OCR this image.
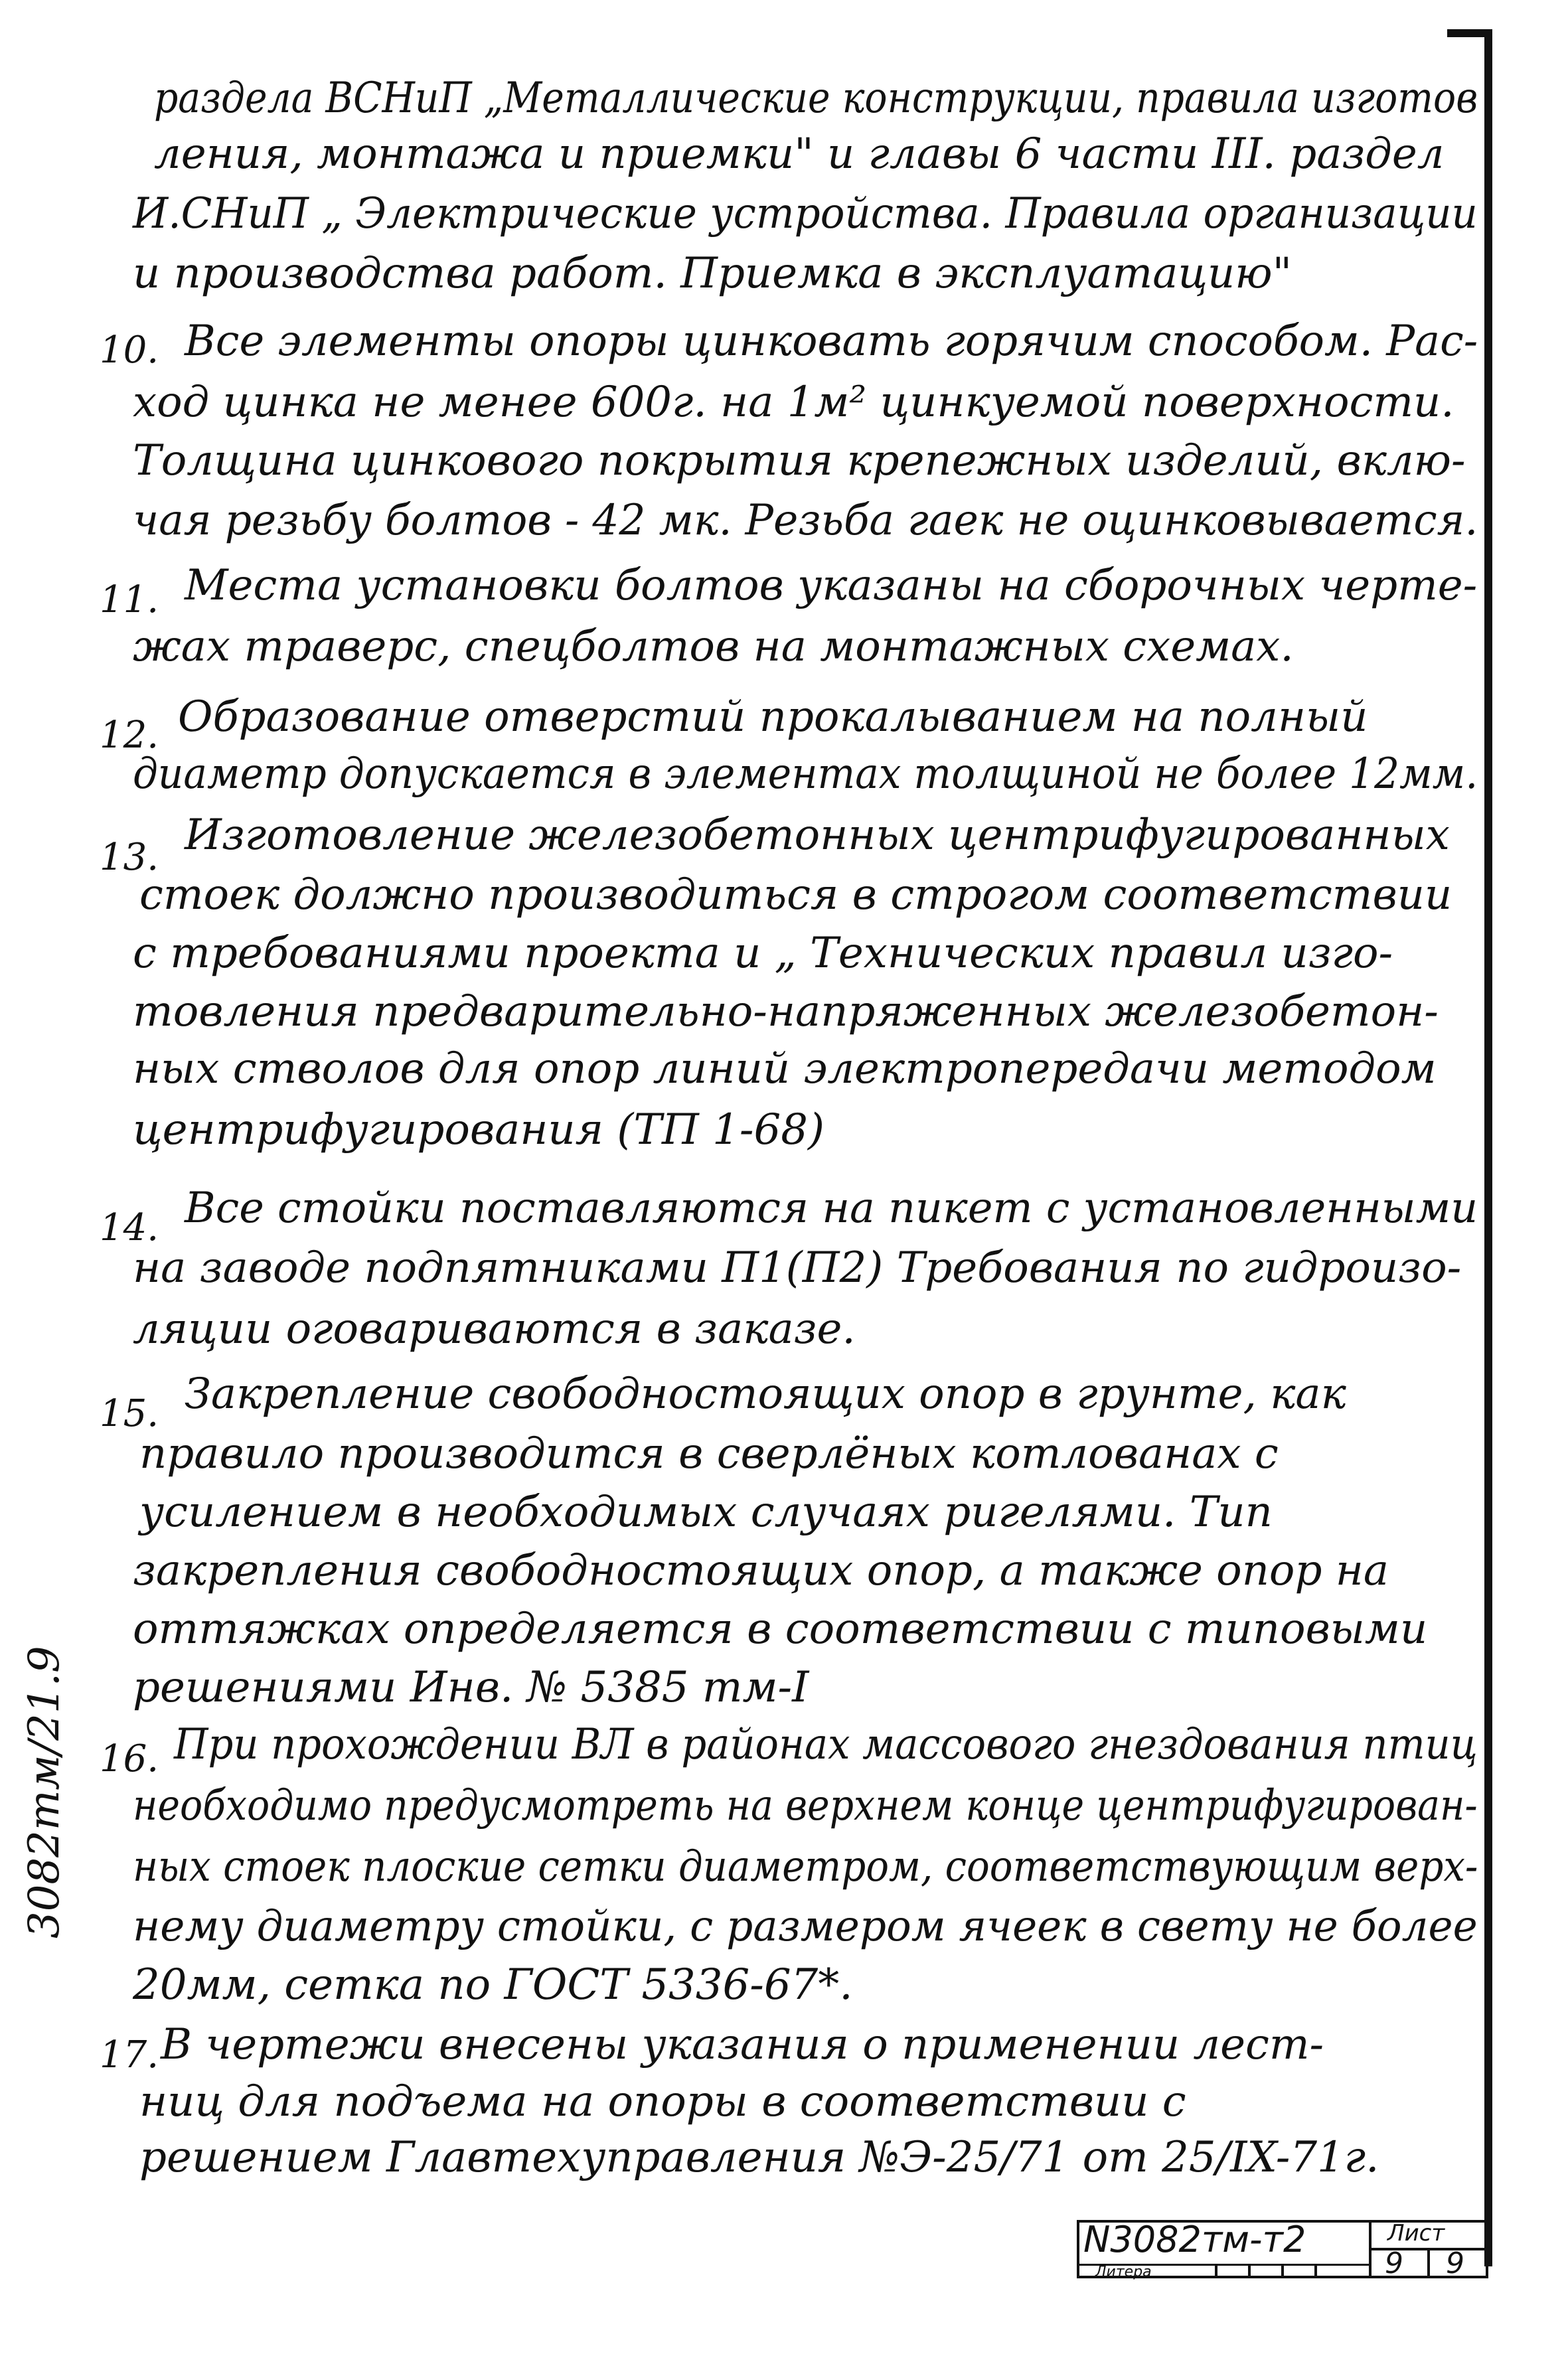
3082тм/21.9
раздела ВСНиП „Металлические конструкции, правила изготов
ления, монтажа и приемки" и главы 6 части III. раздел
И.СНиП „ Электрические устройства. Правила организации
и производства работ. Приемка в эксплуатацию"
10. Все элементы опоры цинковать горячим способом. Рас-
ход цинка не менее 600г. на 1м² цинкуемой поверхности.
Толщина цинкового покрытия крепежных изделий, вклю-
чая резьбу болтов - 42 мк. Резьба гаек не оцинковывается.
11. Места установки болтов указаны на сборочных черте-
жах траверс, спецболтов на монтажных схемах.
12. Образование отверстий прокалыванием на полный
диаметр допускается в элементах толщиной не более 12мм.
13. Изготовление железобетонных центрифугированных
стоек должно производиться в строгом соответствии
с требованиями проекта и „ Технических правил изго-
товления предварительно-напряженных железобетон-
ных стволов для опор линий электропередачи методом
центрифугирования (ТП 1-68)
14. Все стойки поставляются на пикет с установленными
на заводе подпятниками П1(П2) Требования по гидроизо-
ляции оговариваются в заказе.
15. Закрепление свободностоящих опор в грунте, как
правило производится в сверлёных котлованах с
усилением в необходимых случаях ригелями. Тип
закрепления свободностоящих опор, а также опор на
оттяжках определяется в соответствии с типовыми
решениями Инв. № 5385 тм-I
16. При прохождении ВЛ в районах массового гнездования птиц
необходимо предусмотреть на верхнем конце центрифугирован-
ных стоек плоские сетки диаметром, соответствующим верх-
нему диаметру стойки, с размером ячеек в свету не более
20мм, сетка по ГОСТ 5336-67*.
17. В чертежи внесены указания о применении лест-
ниц для подъема на опоры в соответствии с
решением Главтехуправления №Э-25/71 от 25/IX-71г.
N3082тм-т2	Лист
Литера	9 9
